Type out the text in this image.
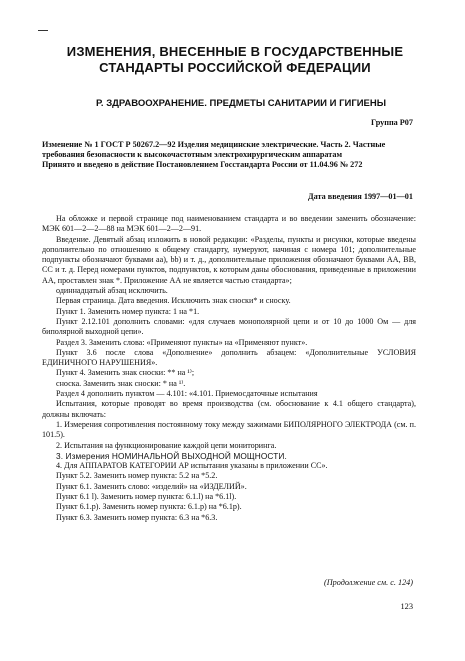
ИЗМЕНЕНИЯ, ВНЕСЕННЫЕ В ГОСУДАРСТВЕННЫЕ
СТАНДАРТЫ РОССИЙСКОЙ ФЕДЕРАЦИИ
Р. ЗДРАВООХРАНЕНИЕ. ПРЕДМЕТЫ САНИТАРИИ И ГИГИЕНЫ
Группа Р07

Изменение № 1 ГОСТ Р 50267.2—92 Изделия медицинские электрические. Часть 2. Частные требования безопасности к высокочастотным электрохирургическим аппаратам

Принято и введено в действие Постановлением Госстандарта России от 11.04.96 № 272

Дата введения 1997—01—01

На обложке и первой странице под наименованием стандарта и во введении заменить обозначение: МЭК 601—2—2—88 на МЭК 601—2—2—91.

Введение. Девятый абзац изложить в новой редакции: «Разделы, пункты и рисунки, которые введены дополнительно по отношению к общему стандарту, нумеруют, начиная с номера 101; дополнительные подпункты обозначают буквами аа), bb) и т. д., дополнительные приложения обозначают буквами АА, ВВ, СС и т. д. Перед номерами пунктов, подпунктов, к которым даны обоснования, приведенные в приложении АА, проставлен знак *. Приложение АА не является частью стандарта»;

одиннадцатый абзац исключить.

Первая страница. Дата введения. Исключить знак сноски* и сноску.

Пункт 1. Заменить номер пункта: 1 на *1.

Пункт 2.12.101 дополнить словами: «для случаев монополярной цепи и от 10 до 1000 Ом — для биполярной выходной цепи».

Раздел 3. Заменить слова: «Применяют пункты» на «Применяют пункт».

Пункт 3.6 после слова «Дополнение» дополнить абзацем: «Дополнительные УСЛОВИЯ ЕДИНИЧНОГО НАРУШЕНИЯ».

Пункт 4. Заменить знак сноски: ** на ¹⁾;

сноска. Заменить знак сноски: * на ¹⁾.

Раздел 4 дополнить пунктом — 4.101: «4.101. Приемосдаточные испытания

Испытания, которые проводят во время производства (см. обоснование к 4.1 общего стандарта), должны включать:

1. Измерения сопротивления постоянному току между зажимами БИПОЛЯРНОГО ЭЛЕКТРОДА (см. п. 101.5).

2. Испытания на функционирование каждой цепи мониторинга.

3. Измерения НОМИНАЛЬНОЙ ВЫХОДНОЙ МОЩНОСТИ.

4. Для АППАРАТОВ КАТЕГОРИИ АР испытания указаны в приложении СС».

Пункт 5.2. Заменить номер пункта: 5.2 на *5.2.

Пункт 6.1. Заменить слово: «изделий» на «ИЗДЕЛИЙ».

Пункт 6.1 l). Заменить номер пункта: 6.1.l) на *6.1l).

Пункт 6.1.p). Заменить номер пункта: 6.1.p) на *6.1p).

Пункт 6.3. Заменить номер пункта: 6.3 на *6.3.

(Продолжение см. с. 124)
123
